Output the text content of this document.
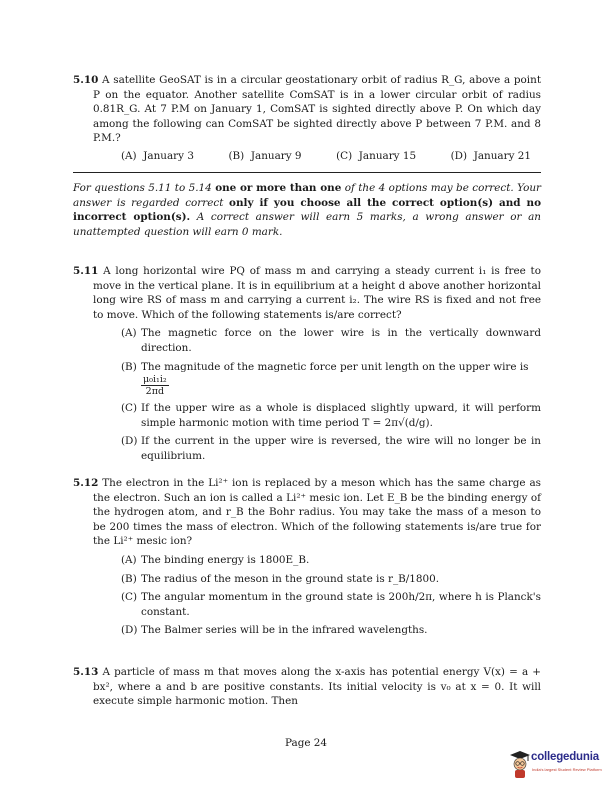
5.10 A satellite GeoSAT is in a circular geostationary orbit of radius R_G, above a point P on the equator. Another satellite ComSAT is in a lower circular orbit of radius 0.81R_G. At 7 P.M on January 1, ComSAT is sighted directly above P. On which day among the following can ComSAT be sighted directly above P between 7 P.M. and 8 P.M.?
(A) January 3	(B) January 9	(C) January 15	(D) January 21
For questions 5.11 to 5.14 one or more than one of the 4 options may be correct. Your answer is regarded correct only if you choose all the correct option(s) and no incorrect option(s). A correct answer will earn 5 marks, a wrong answer or an unattempted question will earn 0 mark.
5.11 A long horizontal wire PQ of mass m and carrying a steady current i₁ is free to move in the vertical plane. It is in equilibrium at a height d above another horizontal long wire RS of mass m and carrying a current i₂. The wire RS is fixed and not free to move. Which of the following statements is/are correct?
(A) The magnetic force on the lower wire is in the vertically downward direction.
(B) The magnitude of the magnetic force per unit length on the upper wire is

$\frac{\text{μ₀i₁i₂}}{2\pi d}$
(C) If the upper wire as a whole is displaced slightly upward, it will perform simple harmonic motion with time period T = 2π√(d/g).
(D) If the current in the upper wire is reversed, the wire will no longer be in equilibrium.
5.12 The electron in the Li²⁺ ion is replaced by a meson which has the same charge as the electron. Such an ion is called a Li²⁺ mesic ion. Let E_B be the binding energy of the hydrogen atom, and r_B the Bohr radius. You may take the mass of a meson to be 200 times the mass of electron. Which of the following statements is/are true for the Li²⁺ mesic ion?
(A) The binding energy is 1800E_B.
(B) The radius of the meson in the ground state is r_B/1800.
(C) The angular momentum in the ground state is 200h/2π, where h is Planck's constant.
(D) The Balmer series will be in the infrared wavelengths.
5.13 A particle of mass m that moves along the x-axis has potential energy V(x) = a + bx², where a and b are positive constants. Its initial velocity is v₀ at x = 0. It will execute simple harmonic motion. Then
Page 24
collegedunia
India's largest Student Review Platform
